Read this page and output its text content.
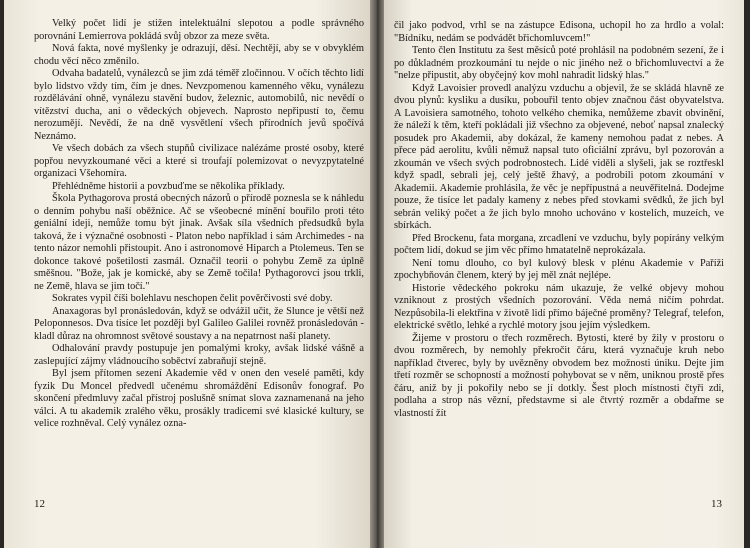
Velký počet lidí je stižen intelektuální slepotou a podle správného porovnání Lemierrova pokládá svůj obzor za meze světa.

Nová fakta, nové myšlenky je odrazují, děsí. Nechtějí, aby se v obvyklém chodu věcí něco změnilo.

Odvaha badatelů, vynálezců se jim zdá téměř zločinnou. V očích těchto lidí bylo lidstvo vždy tím, čím je dnes. Nevzpomenou kamenného věku, vynálezu rozdělávání ohně, vynálezu stavění budov, železnic, automobilů, nic nevědí o vítězství ducha, ani o vědeckých objevech. Naprosto nepřipustí to, čemu nerozumějí. Nevědí, že na dně vysvětlení všech přírodních jevů spočívá Neznámo.

Ve všech dobách za všech stupňů civilizace nalézáme prosté osoby, které popřou nevyzkoumané věci a které si troufají polemizovat o nevyzpytatelné organizaci Všehomíra.

Přehlédněme historii a povzbuďme se několika příklady.

Škola Pythagorova prostá obecných názorů o přírodě poznesla se k náhledu o denním pohybu naší oběžnice. Ač se všeobecné mínění bouřilo proti této geniální ideji, nemůže tomu být jinak. Avšak síla všedních předsudků byla taková, že i význačné osobnosti - Platon nebo například i sám Archimedes - na tento názor nemohli přistoupit. Ano i astronomové Hiparch a Ptolemeus. Ten se dokonce takové pošetilosti zasmál. Označil teorii o pohybu Země za úplně směšnou. "Bože, jak je komické, aby se Země točila! Pythagorovci jsou trkli, ne Země, hlava se jim točí."

Sokrates vypil číši bolehlavu neschopen čelit pověrčivosti své doby.

Anaxagoras byl pronásledován, když se odvážil učit, že Slunce je větší než Peloponnesos. Dva tisíce let později byl Galileo Galilei rovněž pronásledován - kladl důraz na ohromnost světové soustavy a na nepatrnost naší planety.

Odhalování pravdy postupuje jen pomalými kroky, avšak lidské vášně a zaslepující zájmy vládnoucího soběctví zabraňují stejně.

Byl jsem přítomen sezení Akademie věd v onen den veselé paměti, kdy fyzik Du Moncel předvedl učenému shromáždění Edisonův fonograf. Po skončení předmluvy začal přístroj poslušně snímat slova zaznamenaná na jeho válci. A tu akademik zralého věku, prosákly tradicemi své klasické kultury, se velice rozhněval. Celý vynález ozna-

12

čil jako podvod, vrhl se na zástupce Edisona, uchopil ho za hrdlo a volal: "Bídníku, nedám se podvádět břichomluvcem!"

Tento člen Institutu za šest měsíců poté prohlásil na podobném sezení, že i po důkladném prozkoumání tu nejde o nic jiného než o břichomluvectví a že "nelze připustit, aby obyčejný kov mohl nahradit lidský hlas."

Když Lavoisier provedl analýzu vzduchu a objevil, že se skládá hlavně ze dvou plynů: kysliku a dusíku, pobouřil tento objev značnou část obyvatelstva. A Lavoisiera samotného, tohoto velkého chemika, nemůžeme zbavit obvinění, že náleží k těm, kteří pokládali již všechno za objevené, neboť napsal znalecký posudek pro Akademii, aby dokázal, že kameny nemohou padat z nebes. A přece pád aerolitu, kvůli němuž napsal tuto oficiální zprávu, byl pozorován a zkoumán ve všech svých podrobnostech. Lidé viděli a slyšeli, jak se roztřeskl když spadl, sebrali jej, celý ještě žhavý, a podrobili potom zkoumání v Akademii. Akademie prohlásila, že věc je nepřípustná a neuvěřitelná. Dodejme pouze, že tisíce let padaly kameny z nebes před stovkami svědků, že jich byl sebrán veliký počet a že jich bylo mnoho uchováno v kostelích, muzeích, ve sbírkách.

Před Brockenu, fata morgana, zrcadlení ve vzduchu, byly popírány velkým počtem lidí, dokud se jim věc přímo hmatatelně neprokázala.

Není tomu dlouho, co byl kulový blesk v plénu Akademie v Paříži zpochybňován členem, který by jej měl znát nejlépe.

Historie vědeckého pokroku nám ukazuje, že velké objevy mohou vzniknout z prostých všedních pozorování. Věda nemá ničím pohrdat. Nezpůsobila-li elektřina v životě lidí přímo báječné proměny? Telegraf, telefon, elektrické světlo, lehké a rychlé motory jsou jejím výsledkem.

Žijeme v prostoru o třech rozměrech. Bytosti, které by žily v prostoru o dvou rozměrech, by nemohly překročit čáru, která vyznačuje kruh nebo například čtverec, byly by uvězněny obvodem bez možnosti úniku. Dejte jim třetí rozměr se schopností a možností pohybovat se v něm, uniknou prostě přes čáru, aniž by ji pokořily nebo se jí dotkly. Šest ploch místnosti čtyři zdi, podlaha a strop nás vězní, představme si ale čtvrtý rozměr a obdařme se vlastností žít

13
